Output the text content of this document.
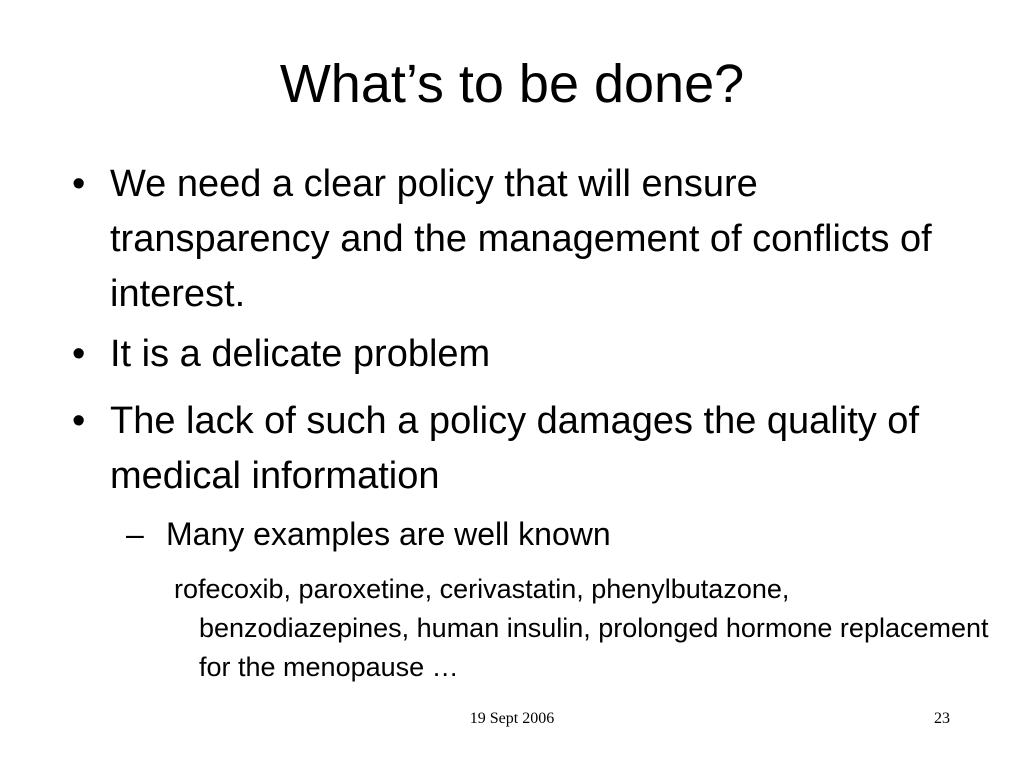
What’s to be done?
• We need a clear policy that will ensure transparency and the management of conflicts of interest.
• It is a delicate problem
• The lack of such a policy damages the quality of medical information
– Many examples are well known
rofecoxib, paroxetine, cerivastatin, phenylbutazone, benzodiazepines, human insulin, prolonged hormone replacement for the menopause …
19 Sept 2006	23
